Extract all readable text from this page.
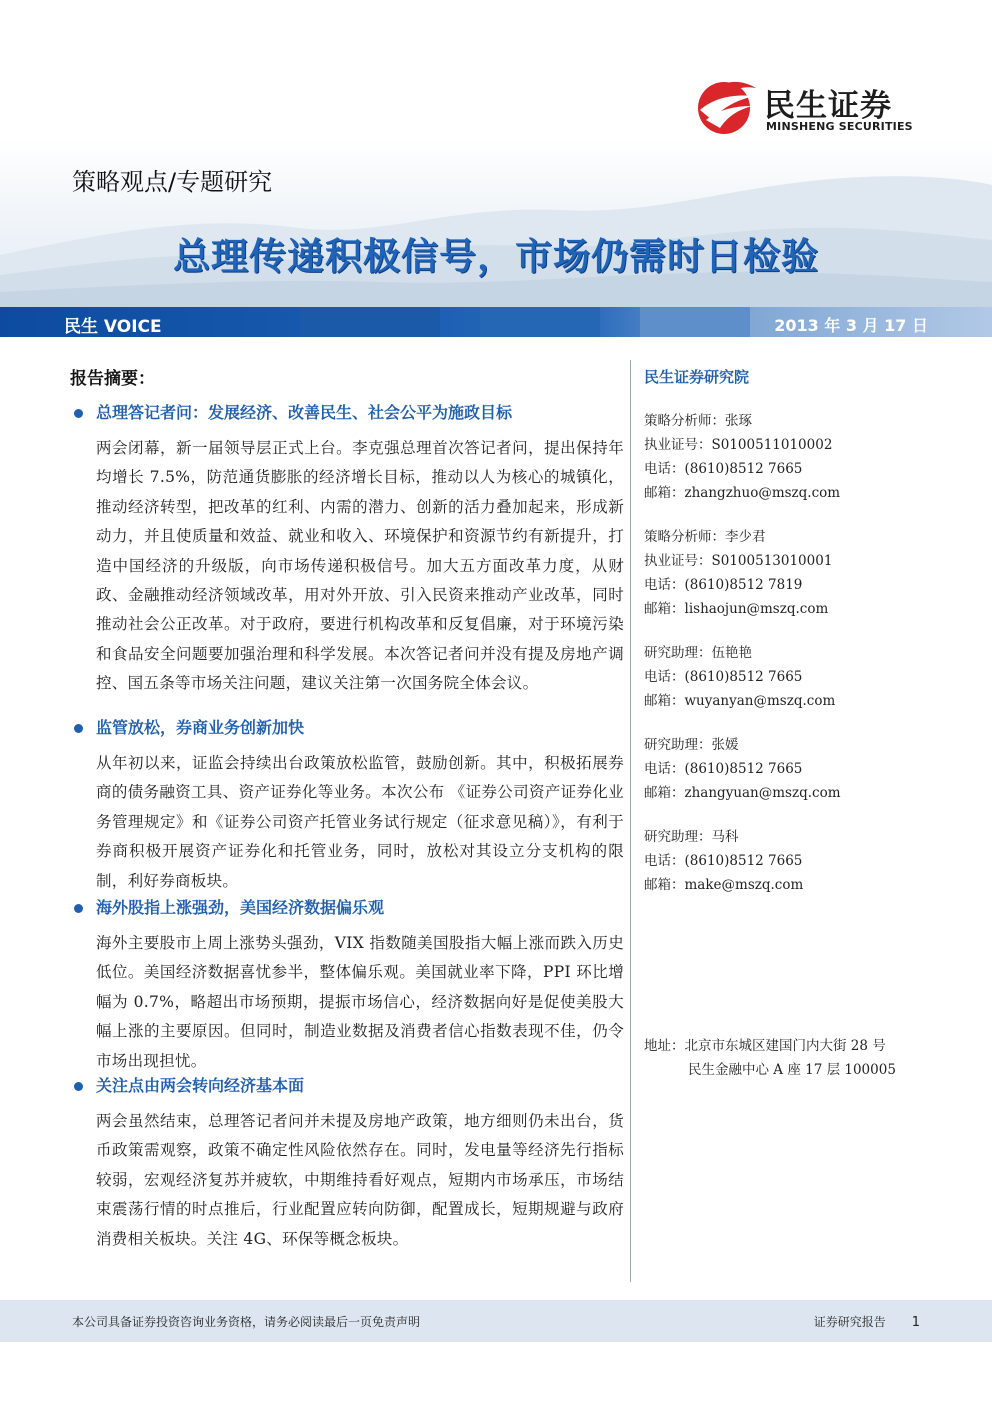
民生证券
MINSHENG SECURITIES
策略观点/专题研究
总理传递积极信号，市场仍需时日检验
民生 VOICE	2013 年 3 月 17 日
报告摘要：
总理答记者问：发展经济、改善民生、社会公平为施政目标

两会闭幕，新一届领导层正式上台。李克强总理首次答记者问，提出保持年均增长 7.5%，防范通货膨胀的经济增长目标，推动以人为核心的城镇化，推动经济转型，把改革的红利、内需的潜力、创新的活力叠加起来，形成新动力，并且使质量和效益、就业和收入、环境保护和资源节约有新提升，打造中国经济的升级版，向市场传递积极信号。加大五方面改革力度，从财政、金融推动经济领域改革，用对外开放、引入民资来推动产业改革，同时推动社会公正改革。对于政府，要进行机构改革和反复倡廉，对于环境污染和食品安全问题要加强治理和科学发展。本次答记者问并没有提及房地产调控、国五条等市场关注问题，建议关注第一次国务院全体会议。

监管放松，券商业务创新加快

从年初以来，证监会持续出台政策放松监管，鼓励创新。其中，积极拓展券商的债务融资工具、资产证券化等业务。本次公布 《证券公司资产证券化业务管理规定》和《证券公司资产托管业务试行规定（征求意见稿）》，有利于券商积极开展资产证券化和托管业务，同时，放松对其设立分支机构的限制，利好券商板块。

海外股指上涨强劲，美国经济数据偏乐观

海外主要股市上周上涨势头强劲，VIX 指数随美国股指大幅上涨而跌入历史低位。美国经济数据喜忧参半，整体偏乐观。美国就业率下降，PPI 环比增幅为 0.7%，略超出市场预期，提振市场信心，经济数据向好是促使美股大幅上涨的主要原因。但同时，制造业数据及消费者信心指数表现不佳，仍令市场出现担忧。

关注点由两会转向经济基本面

两会虽然结束，总理答记者问并未提及房地产政策，地方细则仍未出台，货币政策需观察，政策不确定性风险依然存在。同时，发电量等经济先行指标较弱，宏观经济复苏并疲软，中期维持看好观点，短期内市场承压，市场结束震荡行情的时点推后，行业配置应转向防御，配置成长，短期规避与政府消费相关板块。关注 4G、环保等概念板块。

民生证券研究院
策略分析师：张琢
执业证号：S0100511010002
电话：(8610)8512 7665
邮箱：zhangzhuo@mszq.com
策略分析师：李少君
执业证号：S0100513010001
电话：(8610)8512 7819
邮箱：lishaojun@mszq.com
研究助理：伍艳艳
电话：(8610)8512 7665
邮箱：wuyanyan@mszq.com
研究助理：张媛
电话：(8610)8512 7665
邮箱：zhangyuan@mszq.com
研究助理：马科
电话：(8610)8512 7665
邮箱：make@mszq.com
地址：北京市东城区建国门内大街 28 号
民生金融中心 A 座 17 层 100005
本公司具备证券投资咨询业务资格，请务必阅读最后一页免责声明	证券研究报告 1
